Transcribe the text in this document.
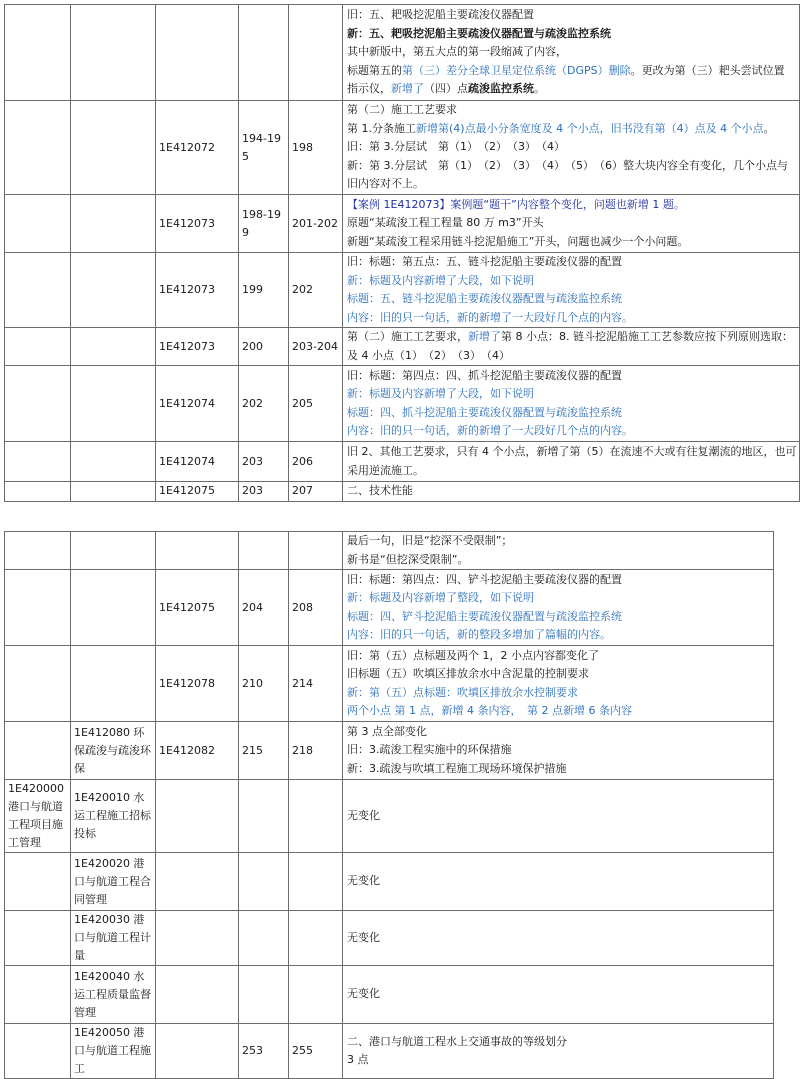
					旧：五、耙吸挖泥船主要疏浚仪器配置
新：五、耙吸挖泥船主要疏浚仪器配置与疏浚监控系统
其中新版中，第五大点的第一段缩减了内容，
标题第五的第（三）差分全球卫星定位系统（DGPS）删除。更改为第（三）耙头尝试位置
指示仪，新增了（四）点疏浚监控系统。

		1E412072	194-195	198	第（二）施工工艺要求
第 1.分条施工新增第(4)点最小分条宽度及 4 个小点，旧书没有第（4）点及 4 个小点。
旧：第 3.分层试　第（1）　（2）　（3）　（4）
新：第 3.分层试　第（1）　（2）　（3）　（4）　（5）　（6）整大块内容全有变化，几个小点与
旧内容对不上。

		1E412073	198-199	201-202	【案例 1E412073】案例题“题干”内容整个变化，问题也新增 1 题。
原题“某疏浚工程工程量 80 万 m3”开头
新题“某疏浚工程采用链斗挖泥船施工”开头，问题也减少一个小问题。

		1E412073	199	202	旧：标题：第五点：五、链斗挖泥船主要疏浚仪器的配置
新：标题及内容新增了大段，如下说明
标题：五、链斗挖泥船主要疏浚仪器配置与疏浚监控系统
内容：旧的只一句话，新的新增了一大段好几个点的内容。

		1E412073	200	203-204	第（二）施工工艺要求，新增了第 8 小点：8. 链斗挖泥船施工工艺参数应按下列原则选取：
及 4 小点（1）　（2）　（3）　（4）

		1E412074	202	205	旧：标题：第四点：四、抓斗挖泥船主要疏浚仪器的配置
新：标题及内容新增了大段，如下说明
标题：四、抓斗挖泥船主要疏浚仪器配置与疏浚监控系统
内容：旧的只一句话，新的新增了一大段好几个点的内容。

		1E412074	203	206	旧 2、其他工艺要求，只有 4 个小点，新增了第（5）在流速不大或有往复潮流的地区，也可
采用逆流施工。

		1E412075	203	207	二、技术性能

					最后一句，旧是“挖深不受限制”；
新书是“但挖深受限制”。

		1E412075	204	208	旧：标题：第四点：四、铲斗挖泥船主要疏浚仪器的配置
新：标题及内容新增了整段，如下说明
标题：四、铲斗挖泥船主要疏浚仪器配置与疏浚监控系统
内容：旧的只一句话，新的整段多增加了篇幅的内容。

		1E412078	210	214	旧：第（五）点标题及两个 1，2 小点内容都变化了
旧标题（五）吹填区排放余水中含泥量的控制要求
新：第（五）点标题：吹填区排放余水控制要求
两个小点 第 1 点，新增 4 条内容，　第 2 点新增 6 条内容

	1E412080 环保疏浚与疏浚环保	1E412082	215	218	第 3 点全部变化
旧：3.疏浚工程实施中的环保措施
新：3.疏浚与吹填工程施工现场环境保护措施

1E420000 港口与航道工程项目施工管理	1E420010 水运工程施工招标投标				无变化

	1E420020 港口与航道工程合同管理				无变化

	1E420030 港口与航道工程计量				无变化

	1E420040 水运工程质量监督管理				无变化

	1E420050 港口与航道工程施工		253	255	二、港口与航道工程水上交通事故的等级划分
3 点
